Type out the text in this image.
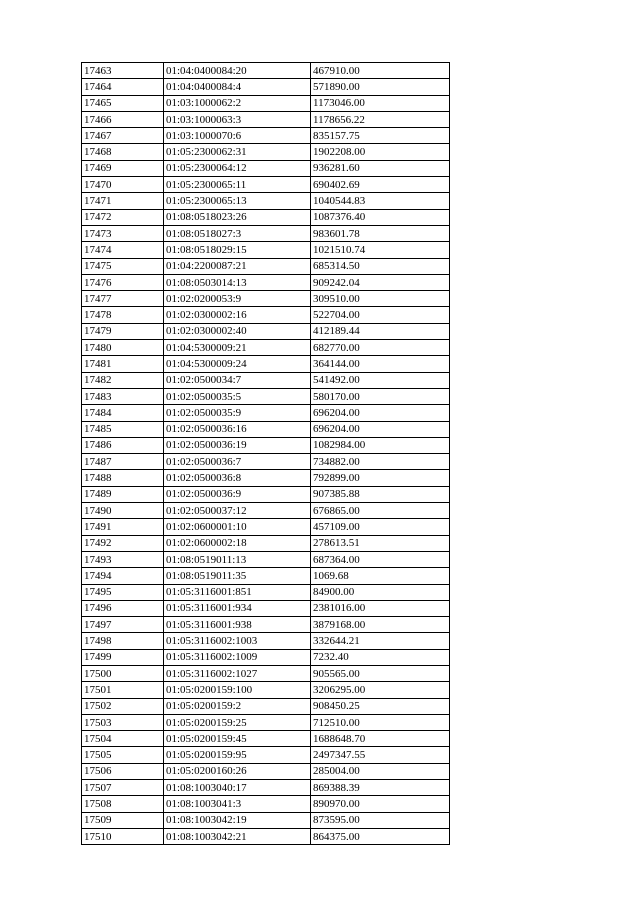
17463	01:04:0400084:20	467910.00
17464	01:04:0400084:4	571890.00
17465	01:03:1000062:2	1173046.00
17466	01:03:1000063:3	1178656.22
17467	01:03:1000070:6	835157.75
17468	01:05:2300062:31	1902208.00
17469	01:05:2300064:12	936281.60
17470	01:05:2300065:11	690402.69
17471	01:05:2300065:13	1040544.83
17472	01:08:0518023:26	1087376.40
17473	01:08:0518027:3	983601.78
17474	01:08:0518029:15	1021510.74
17475	01:04:2200087:21	685314.50
17476	01:08:0503014:13	909242.04
17477	01:02:0200053:9	309510.00
17478	01:02:0300002:16	522704.00
17479	01:02:0300002:40	412189.44
17480	01:04:5300009:21	682770.00
17481	01:04:5300009:24	364144.00
17482	01:02:0500034:7	541492.00
17483	01:02:0500035:5	580170.00
17484	01:02:0500035:9	696204.00
17485	01:02:0500036:16	696204.00
17486	01:02:0500036:19	1082984.00
17487	01:02:0500036:7	734882.00
17488	01:02:0500036:8	792899.00
17489	01:02:0500036:9	907385.88
17490	01:02:0500037:12	676865.00
17491	01:02:0600001:10	457109.00
17492	01:02:0600002:18	278613.51
17493	01:08:0519011:13	687364.00
17494	01:08:0519011:35	1069.68
17495	01:05:3116001:851	84900.00
17496	01:05:3116001:934	2381016.00
17497	01:05:3116001:938	3879168.00
17498	01:05:3116002:1003	332644.21
17499	01:05:3116002:1009	7232.40
17500	01:05:3116002:1027	905565.00
17501	01:05:0200159:100	3206295.00
17502	01:05:0200159:2	908450.25
17503	01:05:0200159:25	712510.00
17504	01:05:0200159:45	1688648.70
17505	01:05:0200159:95	2497347.55
17506	01:05:0200160:26	285004.00
17507	01:08:1003040:17	869388.39
17508	01:08:1003041:3	890970.00
17509	01:08:1003042:19	873595.00
17510	01:08:1003042:21	864375.00
